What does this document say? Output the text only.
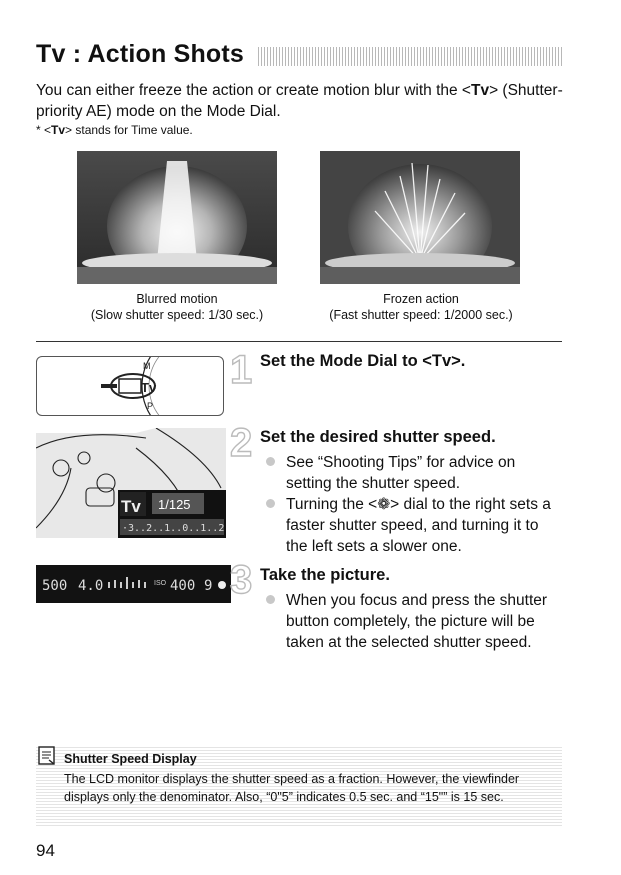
Tv : Action Shots
You can either freeze the action or create motion blur with the <Tv> (Shutter-priority AE) mode on the Mode Dial.
* <Tv> stands for Time value.
Blurred motion
(Slow shutter speed: 1/30 sec.)
Frozen action
(Fast shutter speed: 1/2000 sec.)
Tv
M
P
1 Set the Mode Dial to <Tv>.
Tv 1/125
·3..2..1..0..1..2.
2 Set the desired shutter speed.
See “Shooting Tips” for advice on setting the shutter speed.
Turning the <❁> dial to the right sets a faster shutter speed, and turning it to the left sets a slower one.
500 4.0	ISO 400 9 3 Take the picture.
When you focus and press the shutter button completely, the picture will be taken at the selected shutter speed.
Shutter Speed Display
The LCD monitor displays the shutter speed as a fraction. However, the viewfinder displays only the denominator. Also, “0"5” indicates 0.5 sec. and “15"” is 15 sec.
94
